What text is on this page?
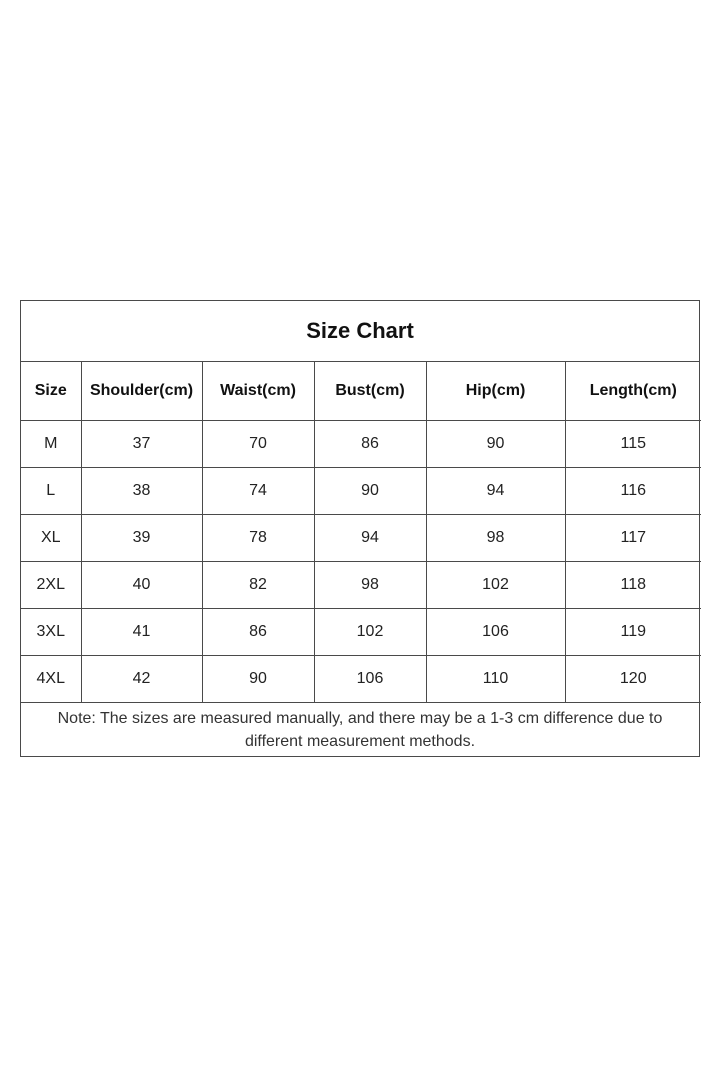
Size Chart
Size	Shoulder(cm)	Waist(cm)	Bust(cm)	Hip(cm)	Length(cm)
M	37	70	86	90	115
L	38	74	90	94	116
XL	39	78	94	98	117
2XL	40	82	98	102	118
3XL	41	86	102	106	119
4XL	42	90	106	110	120
Note: The sizes are measured manually, and there may be a 1-3 cm difference due to different measurement methods.
